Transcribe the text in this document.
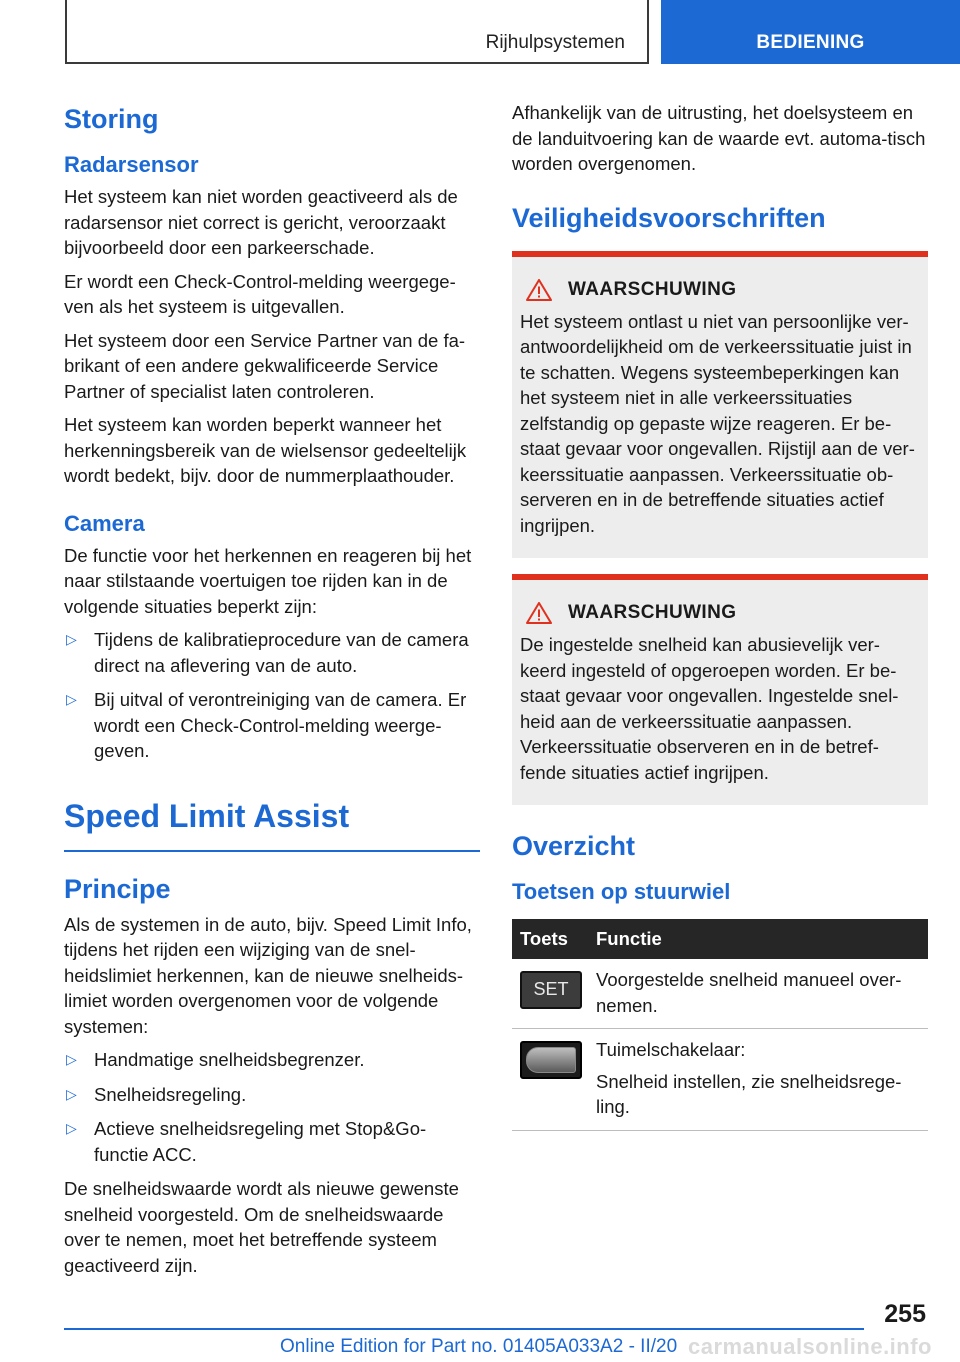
Rijhulpsystemen	BEDIENING
Storing
Radarsensor

Het systeem kan niet worden geactiveerd als de radarsensor niet correct is gericht, veroorzaakt bijvoorbeeld door een parkeerschade.

Er wordt een Check-Control-melding weergege-ven als het systeem is uitgevallen.

Het systeem door een Service Partner van de fa-brikant of een andere gekwalificeerde Service Partner of specialist laten controleren.

Het systeem kan worden beperkt wanneer het herkenningsbereik van de wielsensor gedeeltelijk wordt bedekt, bijv. door de nummerplaathouder.

Camera

De functie voor het herkennen en reageren bij het naar stilstaande voertuigen toe rijden kan in de volgende situaties beperkt zijn:

▷ Tijdens de kalibratieprocedure van de camera direct na aflevering van de auto.
▷ Bij uitval of verontreiniging van de camera. Er wordt een Check-Control-melding weerge-geven.
Speed Limit Assist
Principe

Als de systemen in de auto, bijv. Speed Limit Info, tijdens het rijden een wijziging van de snel-heidslimiet herkennen, kan de nieuwe snelheids-limiet worden overgenomen voor de volgende systemen:

▷ Handmatige snelheidsbegrenzer.
▷ Snelheidsregeling.
▷ Actieve snelheidsregeling met Stop&Go-functie ACC.

De snelheidswaarde wordt als nieuwe gewenste snelheid voorgesteld. Om de snelheidswaarde over te nemen, moet het betreffende systeem geactiveerd zijn.

Afhankelijk van de uitrusting, het doelsysteem en de landuitvoering kan de waarde evt. automa-tisch worden overgenomen.

Veiligheidsvoorschriften
WAARSCHUWING

Het systeem ontlast u niet van persoonlijke ver-antwoordelijkheid om de verkeerssituatie juist in te schatten. Wegens systeembeperkingen kan het systeem niet in alle verkeerssituaties zelfstandig op gepaste wijze reageren. Er be-staat gevaar voor ongevallen. Rijstijl aan de ver-keerssituatie aanpassen. Verkeerssituatie ob-serveren en in de betreffende situaties actief ingrijpen.

WAARSCHUWING

De ingestelde snelheid kan abusievelijk ver-keerd ingesteld of opgeroepen worden. Er be-staat gevaar voor ongevallen. Ingestelde snel-heid aan de verkeerssituatie aanpassen. Verkeerssituatie observeren en in de betref-fende situaties actief ingrijpen.

Overzicht
Toetsen op stuurwiel
Toets	Functie

SET	Voorgestelde snelheid manueel over-nemen.

	Tuimelschakelaar:

Snelheid instellen, zie snelheidsrege-ling.

255
Online Edition for Part no. 01405A033A2 - II/20 carmanualsonline.info
